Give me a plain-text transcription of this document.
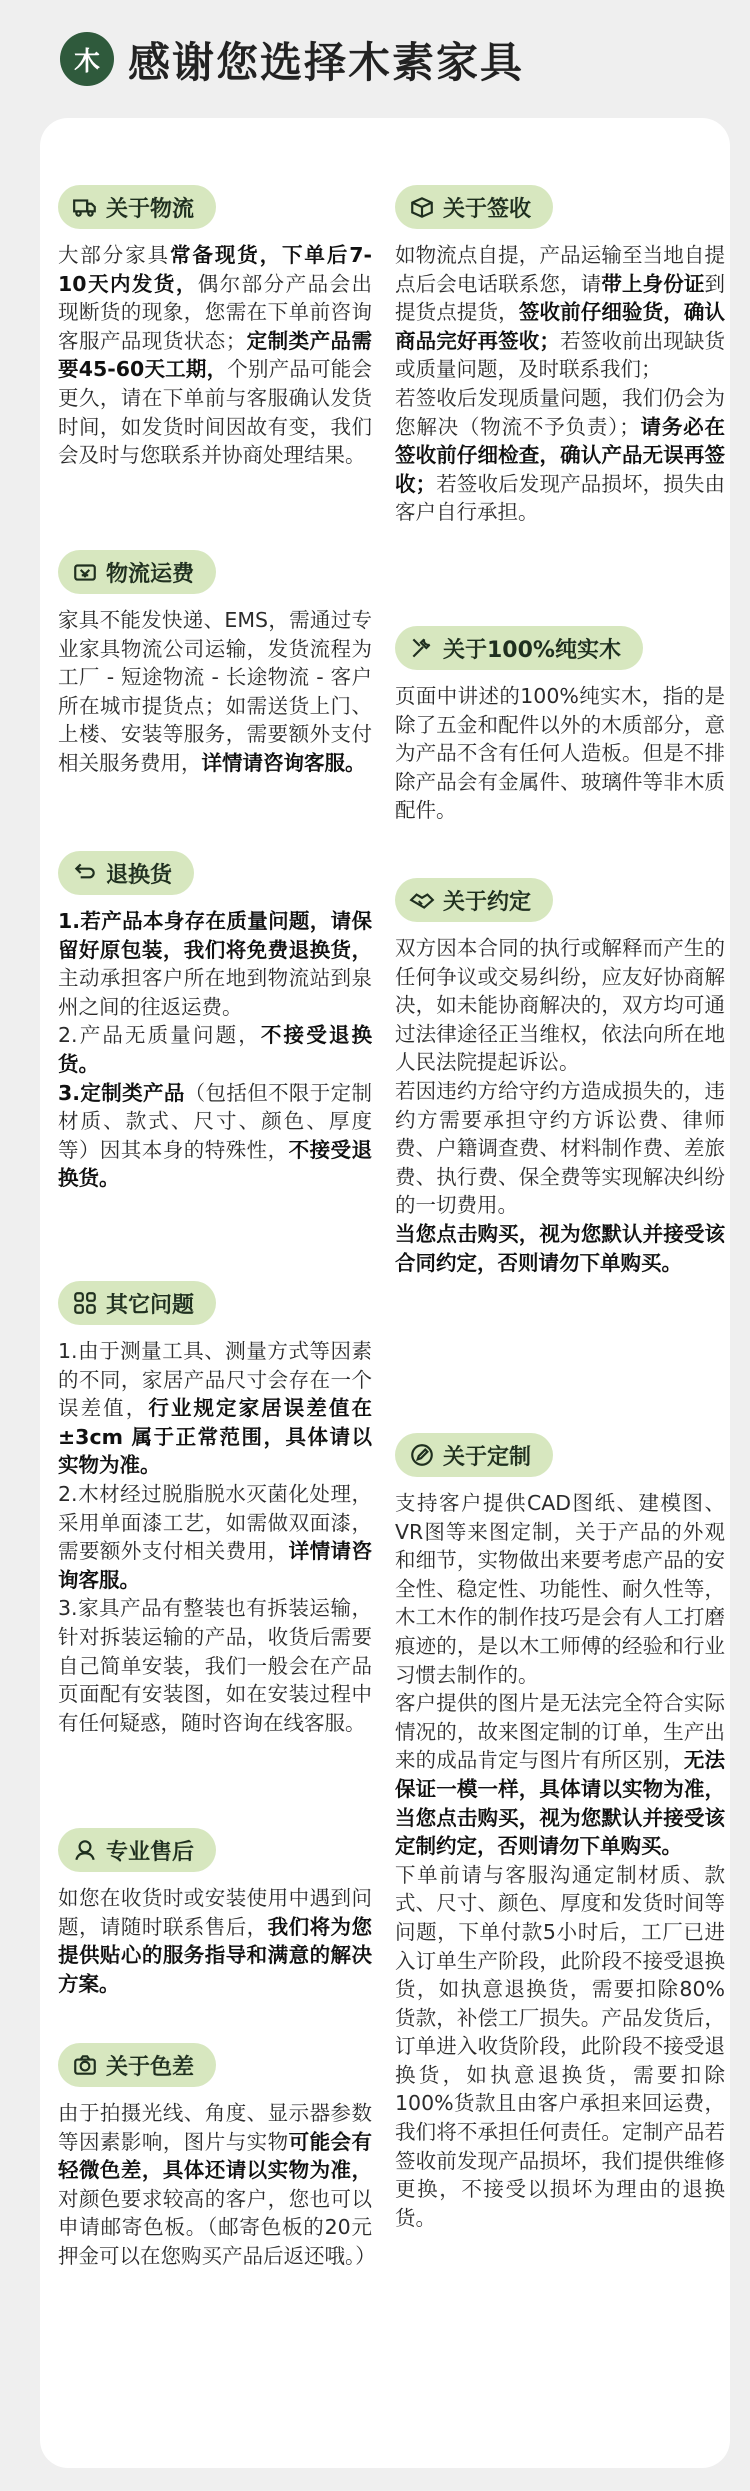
木 感谢您选择木素家具
关于物流

大部分家具常备现货，下单后7-10天内发货，偶尔部分产品会出现断货的现象，您需在下单前咨询客服产品现货状态；定制类产品需要45-60天工期，个别产品可能会更久，请在下单前与客服确认发货时间，如发货时间因故有变，我们会及时与您联系并协商处理结果。

物流运费

家具不能发快递、EMS，需通过专业家具物流公司运输，发货流程为工厂 - 短途物流 - 长途物流 - 客户所在城市提货点；如需送货上门、上楼、安装等服务，需要额外支付相关服务费用，详情请咨询客服。

退换货

1.若产品本身存在质量问题，请保留好原包装，我们将免费退换货，主动承担客户所在地到物流站到泉州之间的往返运费。

2.产品无质量问题，不接受退换货。

3.定制类产品（包括但不限于定制材质、款式、尺寸、颜色、厚度等）因其本身的特殊性，不接受退换货。

其它问题

1.由于测量工具、测量方式等因素的不同，家居产品尺寸会存在一个误差值，行业规定家居误差值在 ±3cm 属于正常范围，具体请以实物为准。

2.木材经过脱脂脱水灭菌化处理，采用单面漆工艺，如需做双面漆，需要额外支付相关费用，详情请咨询客服。

3.家具产品有整装也有拆装运输，针对拆装运输的产品，收货后需要自己简单安装，我们一般会在产品页面配有安装图，如在安装过程中有任何疑惑，随时咨询在线客服。

专业售后

如您在收货时或安装使用中遇到问题，请随时联系售后，我们将为您提供贴心的服务指导和满意的解决方案。

关于色差

由于拍摄光线、角度、显示器参数等因素影响，图片与实物可能会有轻微色差，具体还请以实物为准，对颜色要求较高的客户，您也可以申请邮寄色板。（邮寄色板的20元押金可以在您购买产品后返还哦。）

关于签收

如物流点自提，产品运输至当地自提点后会电话联系您，请带上身份证到提货点提货，签收前仔细验货，确认商品完好再签收；若签收前出现缺货或质量问题，及时联系我们；

若签收后发现质量问题，我们仍会为您解决（物流不予负责）；请务必在签收前仔细检查，确认产品无误再签收；若签收后发现产品损坏，损失由客户自行承担。

关于100%纯实木

页面中讲述的100%纯实木，指的是除了五金和配件以外的木质部分，意为产品不含有任何人造板。但是不排除产品会有金属件、玻璃件等非木质配件。

关于约定

双方因本合同的执行或解释而产生的任何争议或交易纠纷，应友好协商解决，如未能协商解决的，双方均可通过法律途径正当维权，依法向所在地人民法院提起诉讼。

若因违约方给守约方造成损失的，违约方需要承担守约方诉讼费、律师费、户籍调查费、材料制作费、差旅费、执行费、保全费等实现解决纠纷的一切费用。

当您点击购买，视为您默认并接受该合同约定，否则请勿下单购买。

关于定制

支持客户提供CAD图纸、建模图、VR图等来图定制，关于产品的外观和细节，实物做出来要考虑产品的安全性、稳定性、功能性、耐久性等，木工木作的制作技巧是会有人工打磨痕迹的，是以木工师傅的经验和行业习惯去制作的。

客户提供的图片是无法完全符合实际情况的，故来图定制的订单，生产出来的成品肯定与图片有所区别，无法保证一模一样，具体请以实物为准，当您点击购买，视为您默认并接受该定制约定，否则请勿下单购买。

下单前请与客服沟通定制材质、款式、尺寸、颜色、厚度和发货时间等问题，下单付款5小时后，工厂已进入订单生产阶段，此阶段不接受退换货，如执意退换货，需要扣除80%货款，补偿工厂损失。产品发货后，订单进入收货阶段，此阶段不接受退换货，如执意退换货，需要扣除100%货款且由客户承担来回运费，我们将不承担任何责任。定制产品若签收前发现产品损坏，我们提供维修更换，不接受以损坏为理由的退换货。
